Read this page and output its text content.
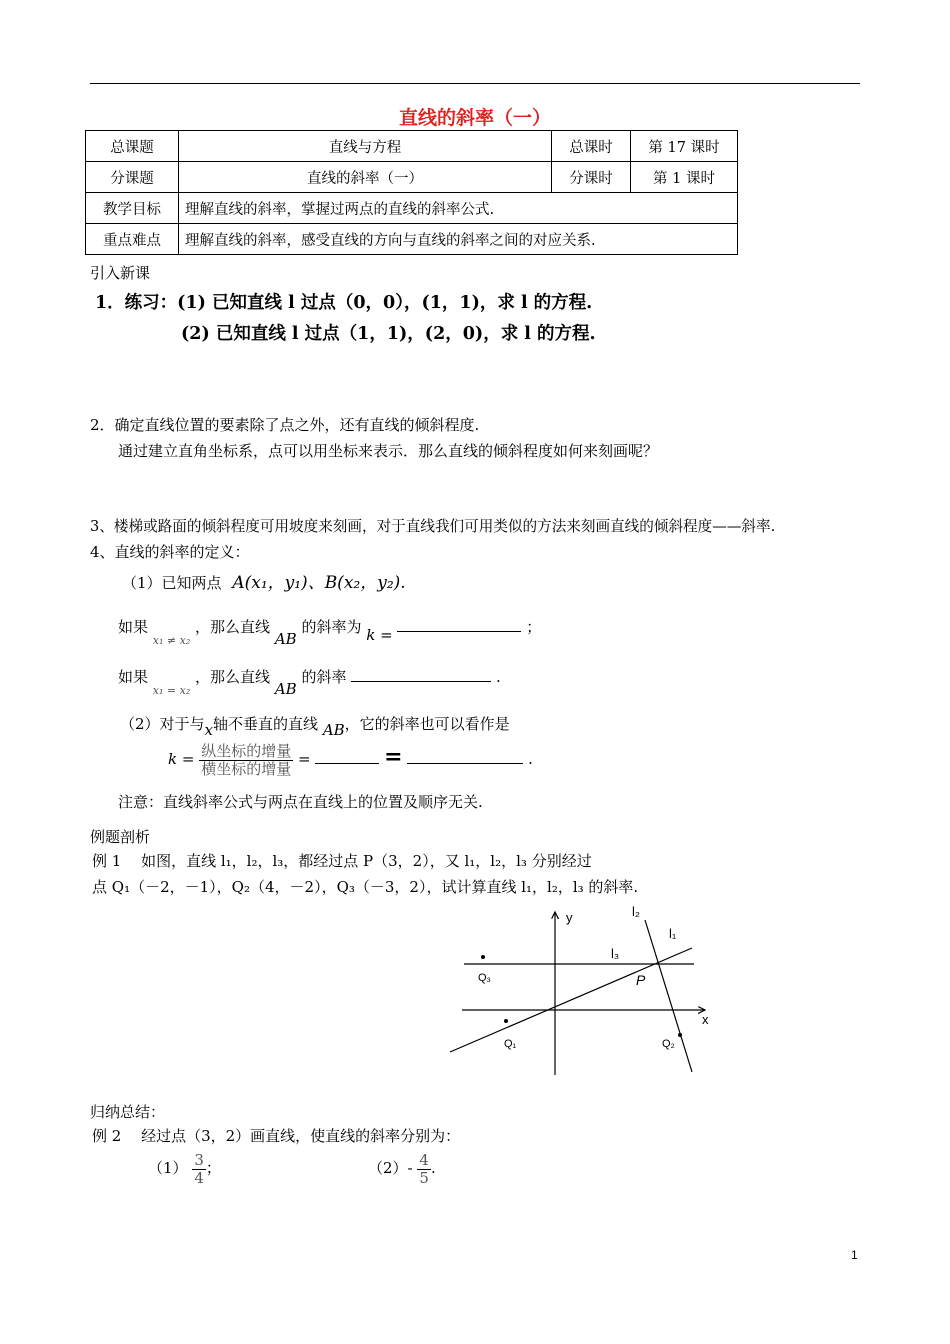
直线的斜率（一）
总课题	直线与方程	总课时	第 17 课时
分课题	直线的斜率（一）	分课时	第 1 课时
教学目标	理解直线的斜率，掌握过两点的直线的斜率公式.		
重点难点	理解直线的斜率，感受直线的方向与直线的斜率之间的对应关系.		
引入新课
1．练习：(1) 已知直线 l 过点（0，0），(1，1)，求 l 的方程.
(2) 已知直线 l 过点（1，1)，(2，0)，求 l 的方程.
2．确定直线位置的要素除了点之外，还有直线的倾斜程度.
通过建立直角坐标系，点可以用坐标来表示．那么直线的倾斜程度如何来刻画呢？
3、楼梯或路面的倾斜程度可用坡度来刻画，对于直线我们可用类似的方法来刻画直线的倾斜程度——斜率.
4、直线的斜率的定义：
（1）已知两点 A(x₁，y₁)、B(x₂，y₂).
如果 $_{x_1 \ne x_2}$ ，那么直线 AB 的斜率为 k =	；
如果 $_{x_1 = x_2}$ ，那么直线 AB 的斜率	.
（2）对于与x轴不垂直的直线 AB，它的斜率也可以看作是
$k = \frac{\text{纵坐标的增量}}{\text{横坐标的增量}}$ =	=	.
注意：直线斜率公式与两点在直线上的位置及顺序无关.
例题剖析
例 1　 如图，直线 l₁，l₂，l₃，都经过点 P（3，2），又 l₁，l₂，l₃ 分别经过
点 Q₁（－2，－1），Q₂（4，－2），Q₃（－3，2），试计算直线 l₁，l₂，l₃ 的斜率.
y
x
l₂
l₁
l₃
P
Q₃
Q₁	Q₂
归纳总结：
例 2　 经过点（3，2）画直线，使直线的斜率分别为：
$(1) \frac{3}{4}$ ；	$(2)- \frac{4}{5}$ .
1
